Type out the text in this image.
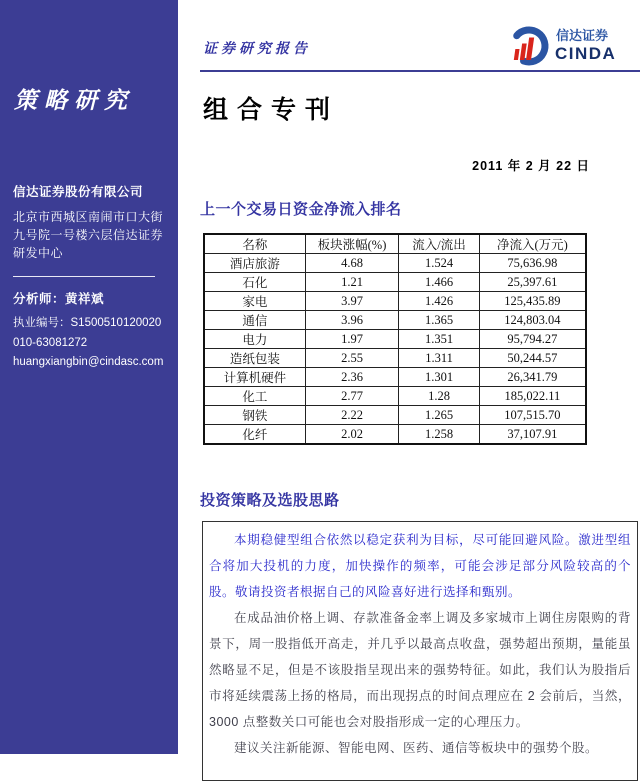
策略研究
信达证券股份有限公司
北京市西城区南闹市口大街
九号院一号楼六层信达证券
研发中心
分析师：黄祥斌
执业编号：S1500510120020
010-63081272
huangxiangbin@cindasc.com
证券研究报告
信达证券
CINDA
组合专刊
2011 年 2 月 22 日
上一个交易日资金净流入排名
名称	板块涨幅(%)	流入/流出	净流入(万元)
酒店旅游	4.68	1.524	75,636.98
石化	1.21	1.466	25,397.61
家电	3.97	1.426	125,435.89
通信	3.96	1.365	124,803.04
电力	1.97	1.351	95,794.27
造纸包装	2.55	1.311	50,244.57
计算机硬件	2.36	1.301	26,341.79
化工	2.77	1.28	185,022.11
钢铁	2.22	1.265	107,515.70
化纤	2.02	1.258	37,107.91
投资策略及选股思路

本期稳健型组合依然以稳定获利为目标，尽可能回避风险。激进型组合将加大投机的力度，加快操作的频率，可能会涉足部分风险较高的个股。敬请投资者根据自己的风险喜好进行选择和甄别。

在成品油价格上调、存款准备金率上调及多家城市上调住房限购的背景下，周一股指低开高走，并几乎以最高点收盘，强势超出预期，量能虽然略显不足，但是不该股指呈现出来的强势特征。如此，我们认为股指后市将延续震荡上扬的格局，而出现拐点的时间点理应在 2 会前后，当然，3000 点整数关口可能也会对股指形成一定的心理压力。

建议关注新能源、智能电网、医药、通信等板块中的强势个股。
